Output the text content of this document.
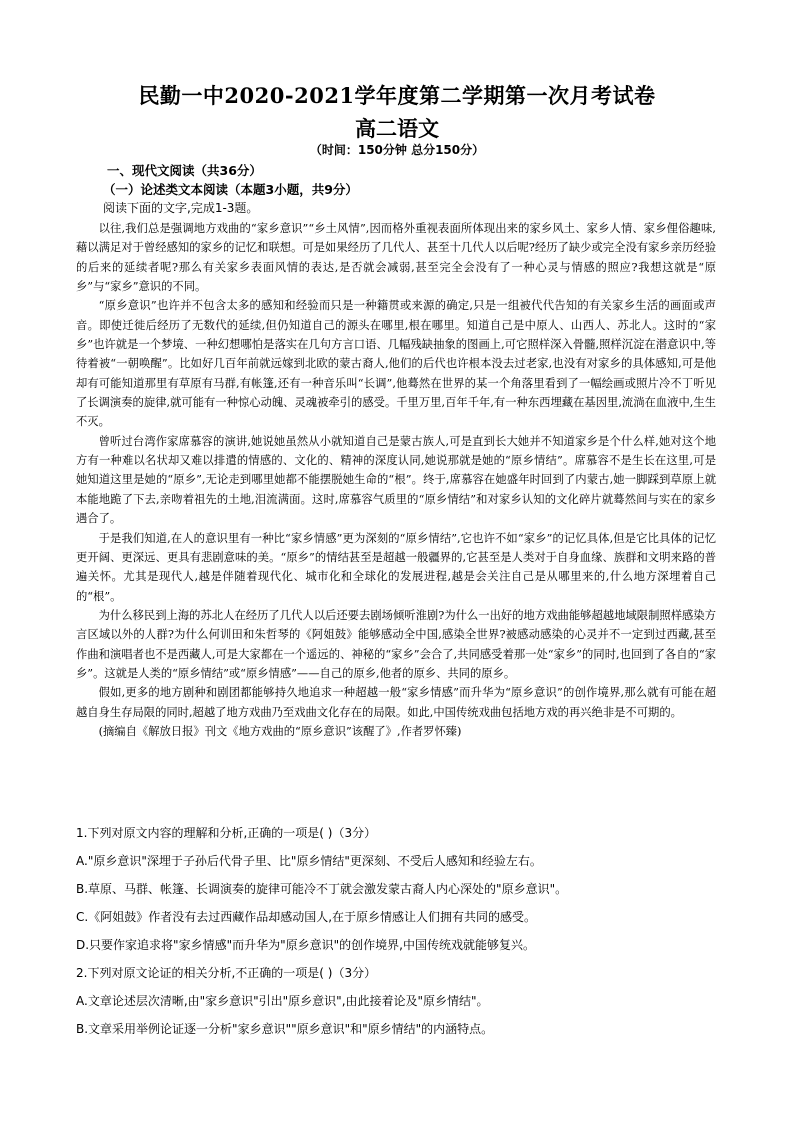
民勤一中2020-2021学年度第二学期第一次月考试卷
高二语文
（时间：150分钟 总分150分）
一、现代文阅读（共36分）
（一）论述类文本阅读（本题3小题，共9分）
阅读下面的文字,完成1-3题。

以往,我们总是强调地方戏曲的“家乡意识”“乡土风情”,因而格外重视表面所体现出来的家乡风土、家乡人情、家乡俚俗趣味,藉以满足对于曾经感知的家乡的记忆和联想。可是如果经历了几代人、甚至十几代人以后呢?经历了缺少或完全没有家乡亲历经验的后来的延续者呢?那么有关家乡表面风情的表达,是否就会减弱,甚至完全会没有了一种心灵与情感的照应?我想这就是“原乡”与“家乡”意识的不同。

“原乡意识”也许并不包含太多的感知和经验而只是一种籍贯或来源的确定,只是一组被代代告知的有关家乡生活的画面或声音。即使迁徙后经历了无数代的延续,但仍知道自己的源头在哪里,根在哪里。知道自己是中原人、山西人、苏北人。这时的“家乡”也许就是一个梦境、一种幻想哪怕是落实在几句方言口语、几幅残缺抽象的图画上,可它照样深入骨髓,照样沉淀在潜意识中,等待着被“一朝唤醒”。比如好几百年前就远嫁到北欧的蒙古裔人,他们的后代也许根本没去过老家,也没有对家乡的具体感知,可是他却有可能知道那里有草原有马群,有帐篷,还有一种音乐叫“长调”,他蓦然在世界的某一个角落里看到了一幅绘画或照片冷不丁听见了长调演奏的旋律,就可能有一种惊心动魄、灵魂被牵引的感受。千里万里,百年千年,有一种东西埋藏在基因里,流淌在血液中,生生不灭。

曾听过台湾作家席慕容的演讲,她说她虽然从小就知道自己是蒙古族人,可是直到长大她并不知道家乡是个什么样,她对这个地方有一种难以名状却又难以排遣的情感的、文化的、精神的深度认同,她说那就是她的“原乡情结”。席慕容不是生长在这里,可是她知道这里是她的“原乡”,无论走到哪里她都不能摆脱她生命的“根”。终于,席慕容在她盛年时回到了内蒙古,她一脚踩到草原上就本能地跪了下去,亲吻着祖先的土地,泪流满面。这时,席慕容气质里的“原乡情结”和对家乡认知的文化碎片就蓦然间与实在的家乡遇合了。

于是我们知道,在人的意识里有一种比“家乡情感”更为深刻的“原乡情结”,它也许不如“家乡”的记忆具体,但是它比具体的记忆更开阔、更深远、更具有悲剧意味的美。“原乡”的情结甚至是超越一般疆界的,它甚至是人类对于自身血缘、族群和文明来路的普遍关怀。尤其是现代人,越是伴随着现代化、城市化和全球化的发展进程,越是会关注自己是从哪里来的,什么地方深埋着自己的“根”。

为什么移民到上海的苏北人在经历了几代人以后还要去剧场倾听淮剧?为什么一出好的地方戏曲能够超越地域限制照样感染方言区域以外的人群?为什么何训田和朱哲琴的《阿姐鼓》能够感动全中国,感染全世界?被感动感染的心灵并不一定到过西藏,甚至作曲和演唱者也不是西藏人,可是大家都在一个遥远的、神秘的“家乡”会合了,共同感受着那一处“家乡”的同时,也回到了各自的“家乡”。这就是人类的“原乡情结”或“原乡情感”——自己的原乡,他者的原乡、共同的原乡。

假如,更多的地方剧种和剧团都能够持久地追求一种超越一般“家乡情感”而升华为“原乡意识”的创作境界,那么就有可能在超越自身生存局限的同时,超越了地方戏曲乃至戏曲文化存在的局限。如此,中国传统戏曲包括地方戏的再兴绝非是不可期的。

(摘编自《解放日报》刊文《地方戏曲的“原乡意识”该醒了》,作者罗怀臻)

1.下列对原文内容的理解和分析,正确的一项是( )（3分）
A."原乡意识"深埋于子孙后代骨子里、比"原乡情结"更深刻、不受后人感知和经验左右。
B.草原、马群、帐篷、长调演奏的旋律可能冷不丁就会激发蒙古裔人内心深处的"原乡意识"。
C.《阿姐鼓》作者没有去过西藏作品却感动国人,在于原乡情感让人们拥有共同的感受。
D.只要作家追求将"家乡情感"而升华为"原乡意识"的创作境界,中国传统戏就能够复兴。
2.下列对原文论证的相关分析,不正确的一项是( )（3分）
A.文章论述层次清晰,由"家乡意识"引出"原乡意识",由此接着论及"原乡情结"。
B.文章采用举例论证逐一分析"家乡意识""原乡意识"和"原乡情结"的内涵特点。
